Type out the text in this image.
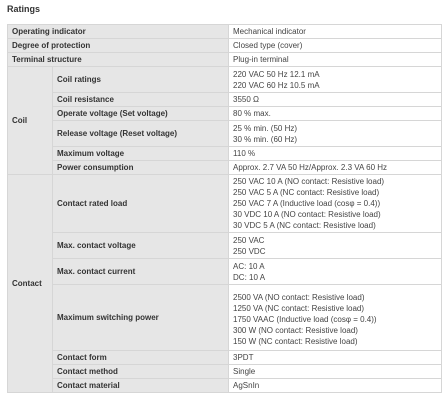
Ratings
Operating indicator		Mechanical indicator
Degree of protection		Closed type (cover)
Terminal structure		Plug-in terminal
Coil	Coil ratings	220 VAC 50 Hz 12.1 mA
220 VAC 60 Hz 10.5 mA

	Coil resistance	3550 Ω

	Operate voltage (Set voltage)	80 % max.

	Release voltage (Reset voltage)	25 % min. (50 Hz)
30 % min. (60 Hz)

	Maximum voltage	110 %

	Power consumption	Approx. 2.7 VA 50 Hz/Approx. 2.3 VA 60 Hz

Contact	Contact rated load	250 VAC 10 A (NO contact: Resistive load)
250 VAC 5 A (NC contact: Resistive load)
250 VAC 7 A (Inductive load (cosφ = 0.4))
30 VDC 10 A (NO contact: Resistive load)
30 VDC 5 A (NC contact: Resistive load)

	Max. contact voltage	250 VAC
250 VDC

	Max. contact current	AC: 10 A
DC: 10 A

	Maximum switching power	2500 VA (NO contact: Resistive load)
1250 VA (NC contact: Resistive load)
1750 VAAC (Inductive load (cosφ = 0.4))
300 W (NO contact: Resistive load)
150 W (NC contact: Resistive load)

	Contact form	3PDT

	Contact method	Single

	Contact material	AgSnIn
